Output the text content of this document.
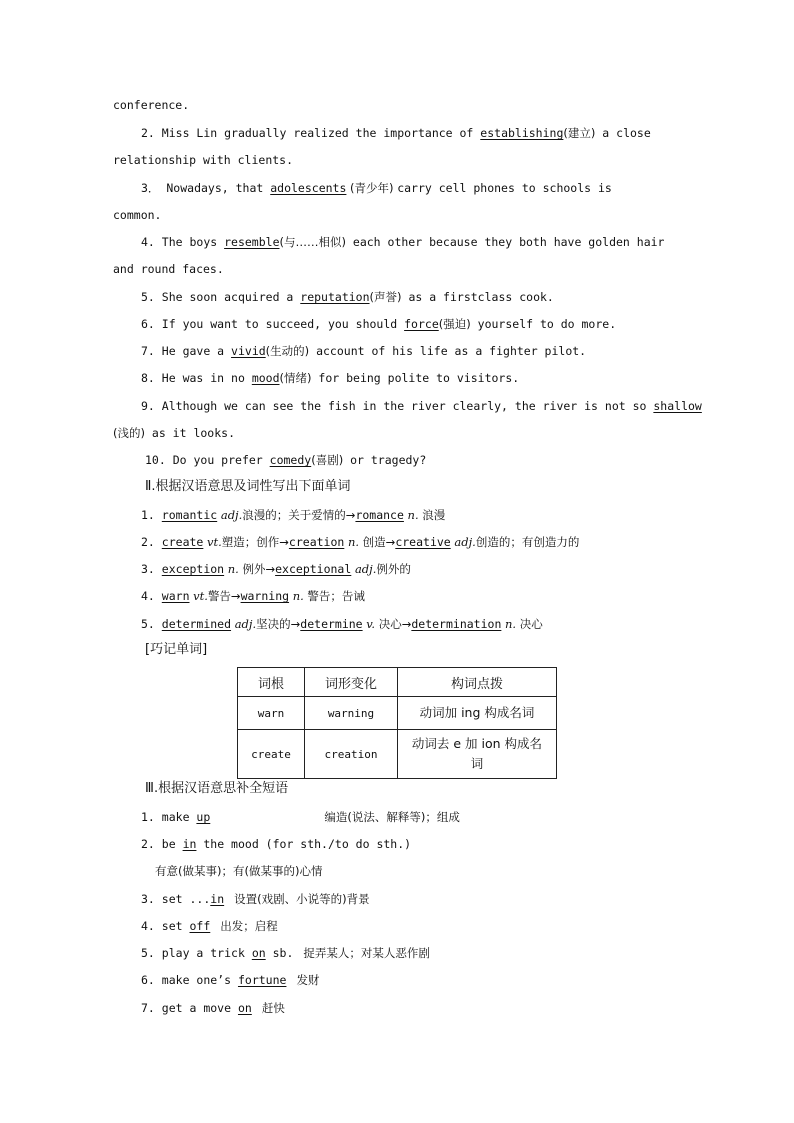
conference.
2. Miss Lin gradually realized the importance of establishing(建立) a close
relationship with clients.
3． Nowadays, that adolescents (青少年) carry cell phones to schools is
common.
4. The boys resemble(与……相似) each other because they both have golden hair
and round faces.
5. She soon acquired a reputation(声誉) as a firstclass cook.
6. If you want to succeed, you should force(强迫) yourself to do more.
7. He gave a vivid(生动的) account of his life as a fighter pilot.
8. He was in no mood(情绪) for being polite to visitors.
9. Although we can see the fish in the river clearly, the river is not so shallow
(浅的) as it looks.
10. Do you prefer comedy(喜剧) or tragedy?
Ⅱ.根据汉语意思及词性写出下面单词
1. romantic adj.浪漫的；关于爱情的→romance n. 浪漫
2. create vt.塑造；创作→creation n. 创造→creative adj.创造的；有创造力的
3. exception n. 例外→exceptional adj.例外的
4. warn vt.警告→warning n. 警告；告诫
5. determined adj.坚决的→determine v. 决心→determination n. 决心
[巧记单词]
词根	词形变化	构词点拨
warn	warning	动词加 ing 构成名词
create	creation	动词去 e 加 ion 构成名词
Ⅲ.根据汉语意思补全短语
1. make up	编造(说法、解释等)；组成
2. be in the mood (for sth./to do sth.)
有意(做某事)；有(做某事的)心情
3. set ...in 设置(戏剧、小说等的)背景
4. set off 出发；启程
5. play a trick on sb. 捉弄某人；对某人恶作剧
6. make one’s fortune 发财
7. get a move on 赶快
